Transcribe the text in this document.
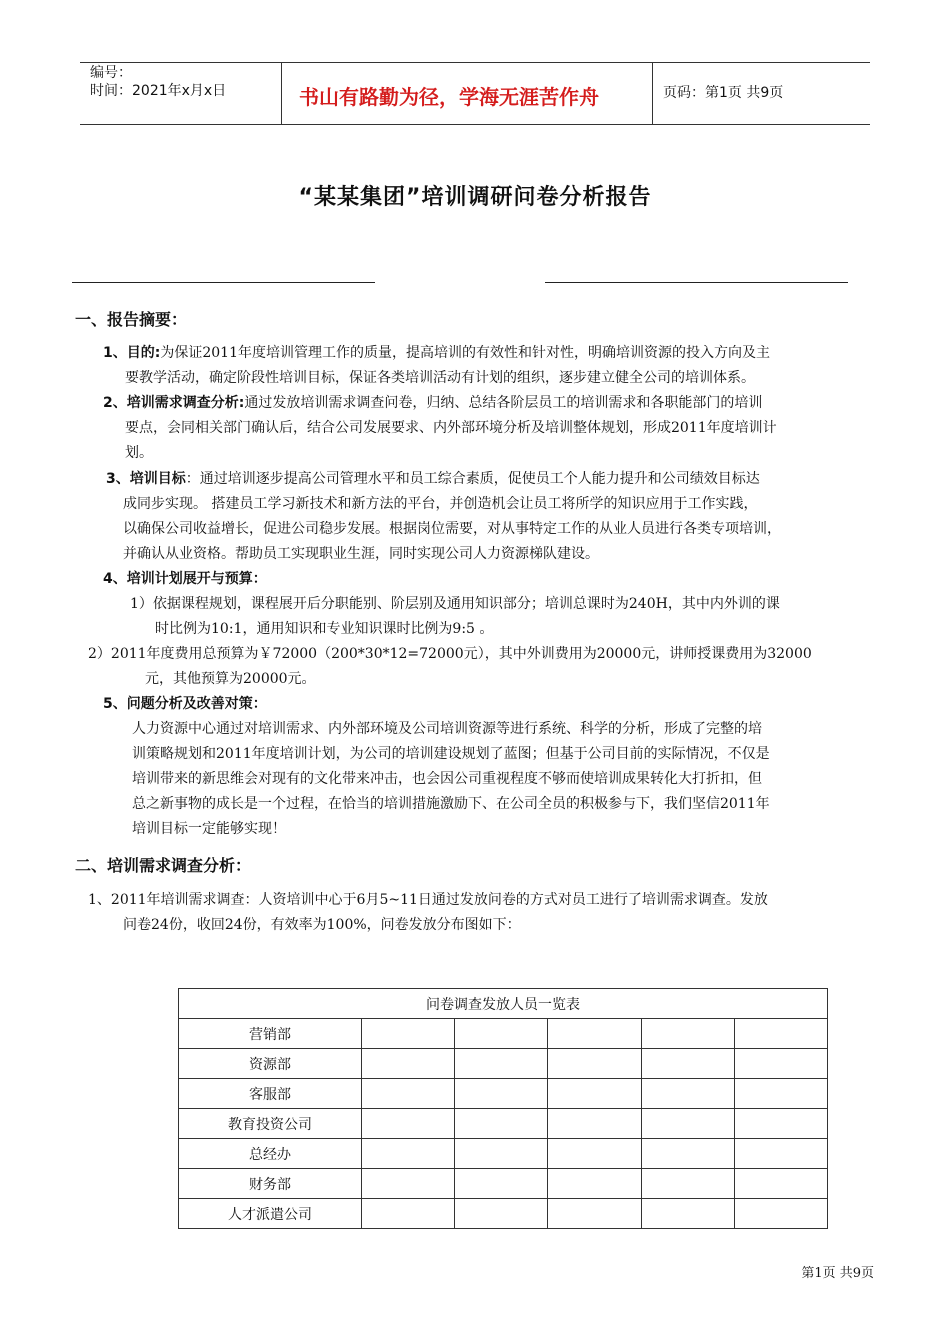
编号：
时间：2021年x月x日	书山有路勤为径，学海无涯苦作舟	页码：第1页 共9页
“某某集团”培训调研问卷分析报告
一、报告摘要：
1、目的:为保证2011年度培训管理工作的质量，提高培训的有效性和针对性，明确培训资源的投入方向及主
要教学活动，确定阶段性培训目标，保证各类培训活动有计划的组织，逐步建立健全公司的培训体系。
2、培训需求调查分析:通过发放培训需求调查问卷，归纳、总结各阶层员工的培训需求和各职能部门的培训
要点，会同相关部门确认后，结合公司发展要求、内外部环境分析及培训整体规划，形成2011年度培训计
划。
3、培训目标：通过培训逐步提高公司管理水平和员工综合素质，促使员工个人能力提升和公司绩效目标达
成同步实现。 搭建员工学习新技术和新方法的平台，并创造机会让员工将所学的知识应用于工作实践，
以确保公司收益增长，促进公司稳步发展。根据岗位需要，对从事特定工作的从业人员进行各类专项培训，
并确认从业资格。帮助员工实现职业生涯，同时实现公司人力资源梯队建设。
4、培训计划展开与预算：
1）依据课程规划，课程展开后分职能别、阶层别及通用知识部分；培训总课时为240H，其中内外训的课
时比例为10:1，通用知识和专业知识课时比例为9:5 。
2）2011年度费用总预算为￥72000（200*30*12=72000元），其中外训费用为20000元，讲师授课费用为32000
元，其他预算为20000元。
5、问题分析及改善对策：
人力资源中心通过对培训需求、内外部环境及公司培训资源等进行系统、科学的分析，形成了完整的培
训策略规划和2011年度培训计划，为公司的培训建设规划了蓝图；但基于公司目前的实际情况，不仅是
培训带来的新思维会对现有的文化带来冲击，也会因公司重视程度不够而使培训成果转化大打折扣，但
总之新事物的成长是一个过程，在恰当的培训措施激励下、在公司全员的积极参与下，我们坚信2011年
培训目标一定能够实现！
二、培训需求调查分析：
1、2011年培训需求调查：人资培训中心于6月5~11日通过发放问卷的方式对员工进行了培训需求调查。发放
问卷24份，收回24份，有效率为100%，问卷发放分布图如下：
问卷调查发放人员一览表					
营销部					
资源部					
客服部					
教育投资公司					
总经办					
财务部					
人才派遣公司					
第1页 共9页
